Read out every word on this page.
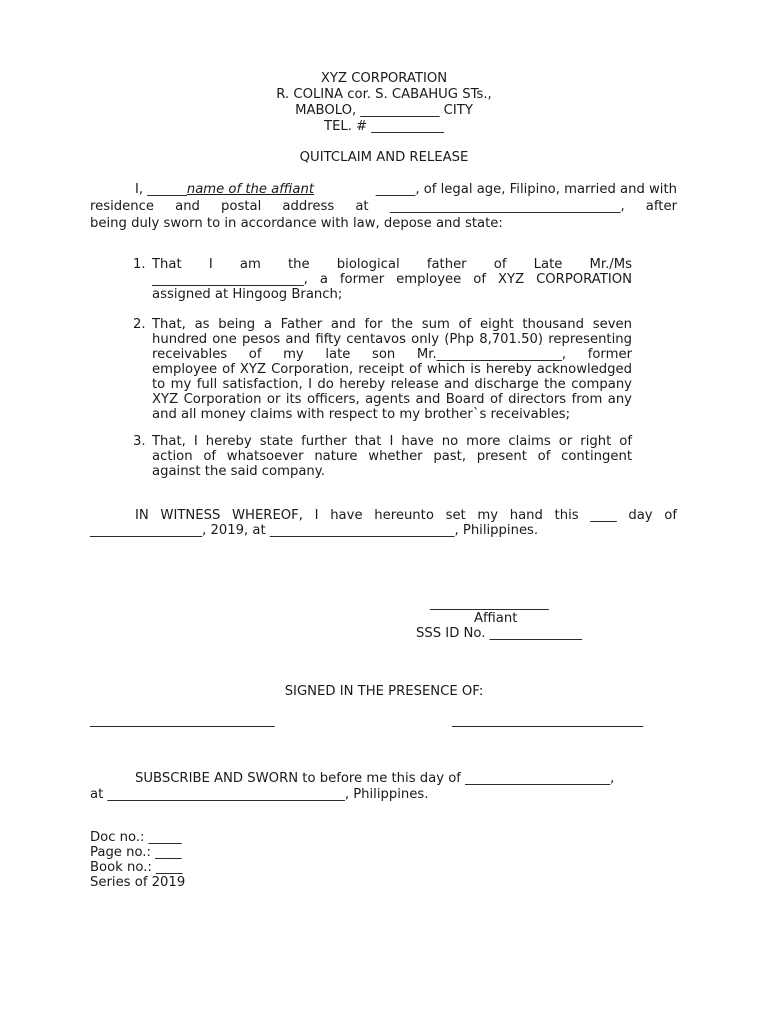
XYZ CORPORATION
R. COLINA cor. S. CABAHUG STs.,
MABOLO, ____________ CITY
TEL. # ___________
QUITCLAIM AND RELEASE
I, ______name of the affiant	______, of legal age, Filipino, married and with
residence and postal address at ___________________________________, after
being duly sworn to in accordance with law, depose and state:
1. That I am the biological father of Late Mr./Ms
_______________________, a former employee of XYZ CORPORATION
assigned at Hingoog Branch;
2. That, as being a Father and for the sum of eight thousand seven
hundred one pesos and fifty centavos only (Php 8,701.50) representing
receivables of my late son Mr.___________________, former
employee of XYZ Corporation, receipt of which is hereby acknowledged
to my full satisfaction, I do hereby release and discharge the company
XYZ Corporation or its officers, agents and Board of directors from any
and all money claims with respect to my brother`s receivables;
3. That, I hereby state further that I have no more claims or right of
action of whatsoever nature whether past, present of contingent
against the said company.
IN WITNESS WHEREOF, I have hereunto set my hand this ____ day of
_________________, 2019, at ____________________________, Philippines.
__________________
Affiant
SSS ID No. ______________
SIGNED IN THE PRESENCE OF:
____________________________	_____________________________
SUBSCRIBE AND SWORN to before me this day of ______________________,
at ____________________________________, Philippines.
Doc no.: _____
Page no.: ____
Book no.: ____
Series of 2019
